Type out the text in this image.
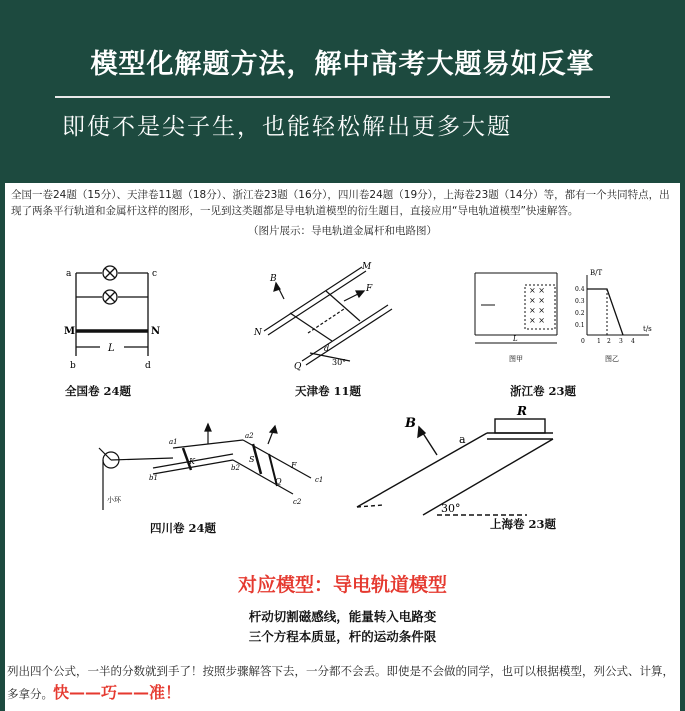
模型化解题方法，解中高考大题易如反掌
即使不是尖子生，也能轻松解出更多大题
全国一卷24题（15分）、天津卷11题（18分）、浙江卷23题（16分），四川卷24题（19分），上海卷23题（14分）等，都有一个共同特点，出现了两条平行轨道和金属杆这样的图形，一见到这类题都是导电轨道模型的衍生题目，直接应用“导电轨道模型”快速解答。
（图片展示：导电轨道金属杆和电路图）
a	c
M	N
b	d
L
全国卷 24题
M
B
F
N
Q
d
30°
天津卷 11题
× ×
× ×
× ×
× ×
B/T
0.4
0.3
0.2
0.1
0 1 2 3 4
t/s
L
图甲	图乙
浙江卷 23题
a1
b1
a2
b2
K	S
F
Q	c1
c2
小环
四川卷 24题
R
B
a
30°
上海卷 23题
对应模型：导电轨道模型
杆动切割磁感线，能量转入电路变
三个方程本质显，杆的运动条件限
列出四个公式，一半的分数就到手了！按照步骤解答下去，一分都不会丢。即使是不会做的同学，也可以根据模型，列公式、计算，多拿分。快——巧——准！
